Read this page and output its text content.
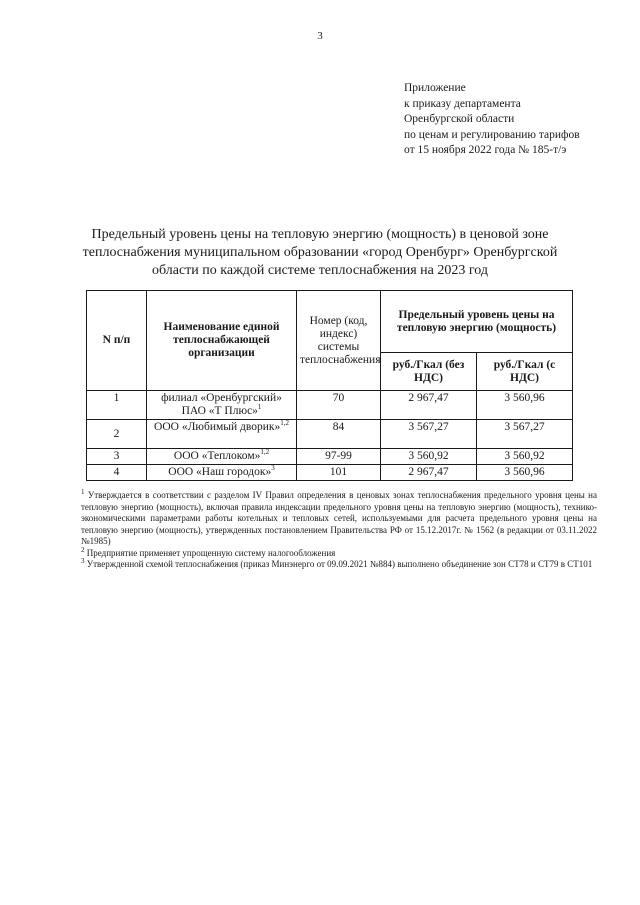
3
Приложение
к приказу департамента
Оренбургской области
по ценам и регулированию тарифов
от 15 ноября 2022 года № 185-т/э
Предельный уровень цены на тепловую энергию (мощность) в ценовой зоне теплоснабжения муниципальном образовании «город Оренбург» Оренбургской области по каждой системе теплоснабжения на 2023 год
N п/п	Наименование единой теплоснабжающей организации	Номер (код, индекс) системы теплоснабжения	Предельный уровень цены на тепловую энергию (мощность)	
			руб./Гкал (без НДС)	руб./Гкал (с НДС)
1	филиал «Оренбургский» ПАО «Т Плюс»$^1$	70	2 967,47	3 560,96
2	ООО «Любимый дворик»$^{1,2}$	84	3 567,27	3 567,27
3	ООО «Теплоком»$^{1,2}$	97-99	3 560,92	3 560,92
4	ООО «Наш городок»$^3$	101	2 967,47	3 560,96

$^1$ Утверждается в соответствии с разделом IV Правил определения в ценовых зонах теплоснабжения предельного уровня цены на тепловую энергию (мощность), включая правила индексации предельного уровня цены на тепловую энергию (мощность), технико-экономическими параметрами работы котельных и тепловых сетей, используемыми для расчета предельного уровня цены на тепловую энергию (мощность), утвержденных постановлением Правительства РФ от 15.12.2017г. № 1562 (в редакции от 03.11.2022 №1985)

$^2$ Предприятие применяет упрощенную систему налогообложения

$^3$ Утвержденной схемой теплоснабжения (приказ Минэнерго от 09.09.2021 №884) выполнено объединение зон СТ78 и СТ79 в СТ101
